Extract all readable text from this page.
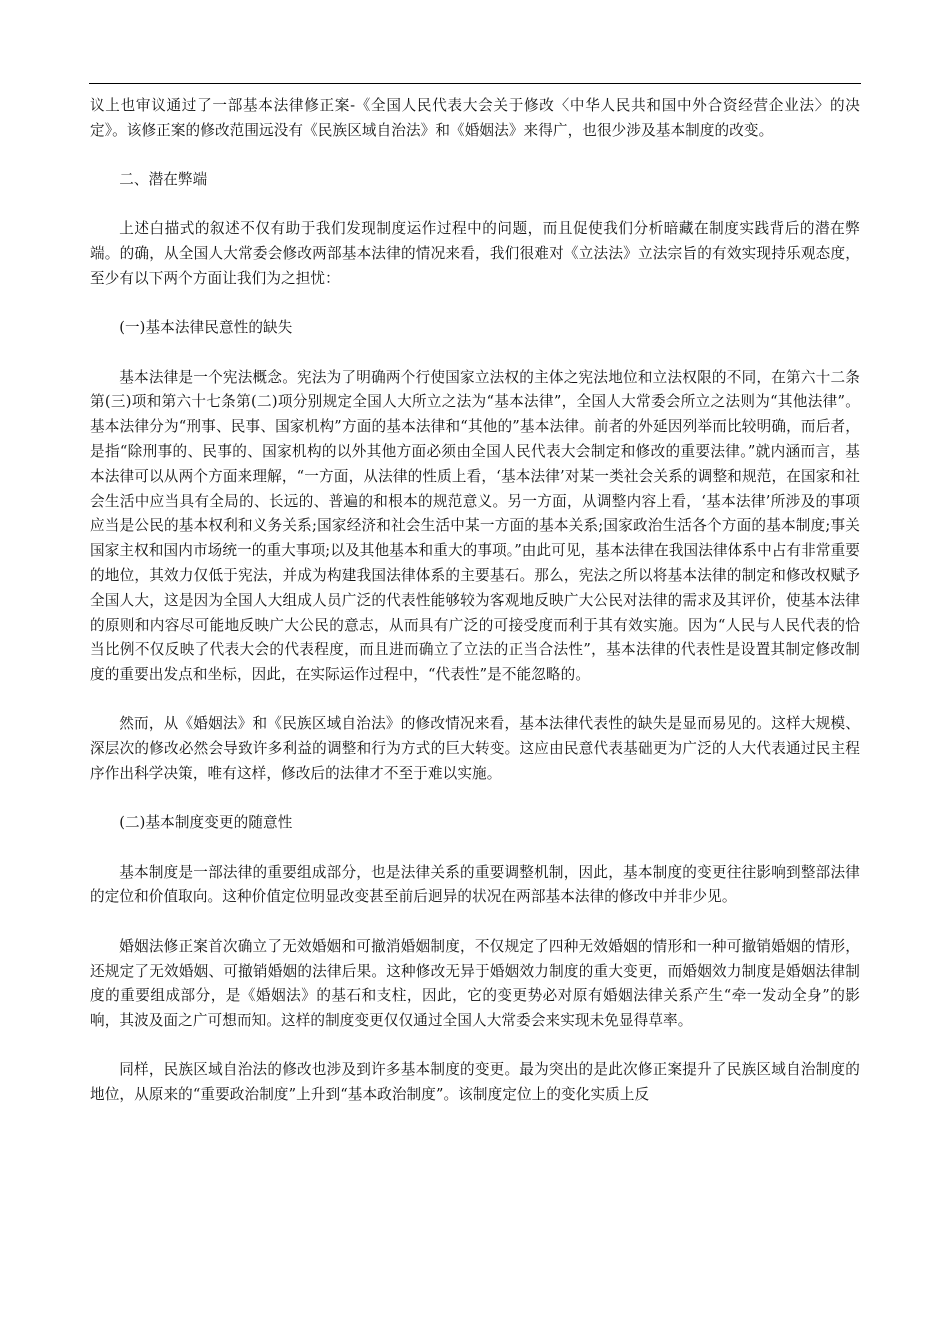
议上也审议通过了一部基本法律修正案-《全国人民代表大会关于修改〈中华人民共和国中外合资经营企业法〉的决定》。该修正案的修改范围远没有《民族区域自治法》和《婚姻法》来得广，也很少涉及基本制度的改变。

二、潜在弊端

上述白描式的叙述不仅有助于我们发现制度运作过程中的问题，而且促使我们分析暗藏在制度实践背后的潜在弊端。的确，从全国人大常委会修改两部基本法律的情况来看，我们很难对《立法法》立法宗旨的有效实现持乐观态度，至少有以下两个方面让我们为之担忧：

(一)基本法律民意性的缺失

基本法律是一个宪法概念。宪法为了明确两个行使国家立法权的主体之宪法地位和立法权限的不同，在第六十二条第(三)项和第六十七条第(二)项分别规定全国人大所立之法为“基本法律”，全国人大常委会所立之法则为“其他法律”。基本法律分为“刑事、民事、国家机构”方面的基本法律和“其他的”基本法律。前者的外延因列举而比较明确，而后者，是指“除刑事的、民事的、国家机构的以外其他方面必须由全国人民代表大会制定和修改的重要法律。”就内涵而言，基本法律可以从两个方面来理解，“一方面，从法律的性质上看，‘基本法律’对某一类社会关系的调整和规范，在国家和社会生活中应当具有全局的、长远的、普遍的和根本的规范意义。另一方面，从调整内容上看，‘基本法律’所涉及的事项应当是公民的基本权利和义务关系;国家经济和社会生活中某一方面的基本关系;国家政治生活各个方面的基本制度;事关国家主权和国内市场统一的重大事项;以及其他基本和重大的事项。”由此可见，基本法律在我国法律体系中占有非常重要的地位，其效力仅低于宪法，并成为构建我国法律体系的主要基石。那么，宪法之所以将基本法律的制定和修改权赋予全国人大，这是因为全国人大组成人员广泛的代表性能够较为客观地反映广大公民对法律的需求及其评价，使基本法律的原则和内容尽可能地反映广大公民的意志，从而具有广泛的可接受度而利于其有效实施。因为“人民与人民代表的恰当比例不仅反映了代表大会的代表程度，而且进而确立了立法的正当合法性”，基本法律的代表性是设置其制定修改制度的重要出发点和坐标，因此，在实际运作过程中，“代表性”是不能忽略的。

然而，从《婚姻法》和《民族区域自治法》的修改情况来看，基本法律代表性的缺失是显而易见的。这样大规模、深层次的修改必然会导致许多利益的调整和行为方式的巨大转变。这应由民意代表基础更为广泛的人大代表通过民主程序作出科学决策，唯有这样，修改后的法律才不至于难以实施。

(二)基本制度变更的随意性

基本制度是一部法律的重要组成部分，也是法律关系的重要调整机制，因此，基本制度的变更往往影响到整部法律的定位和价值取向。这种价值定位明显改变甚至前后迥异的状况在两部基本法律的修改中并非少见。

婚姻法修正案首次确立了无效婚姻和可撤消婚姻制度，不仅规定了四种无效婚姻的情形和一种可撤销婚姻的情形，还规定了无效婚姻、可撤销婚姻的法律后果。这种修改无异于婚姻效力制度的重大变更，而婚姻效力制度是婚姻法律制度的重要组成部分，是《婚姻法》的基石和支柱，因此，它的变更势必对原有婚姻法律关系产生“牵一发动全身”的影响，其波及面之广可想而知。这样的制度变更仅仅通过全国人大常委会来实现未免显得草率。

同样，民族区域自治法的修改也涉及到许多基本制度的变更。最为突出的是此次修正案提升了民族区域自治制度的地位，从原来的“重要政治制度”上升到“基本政治制度”。该制度定位上的变化实质上反
